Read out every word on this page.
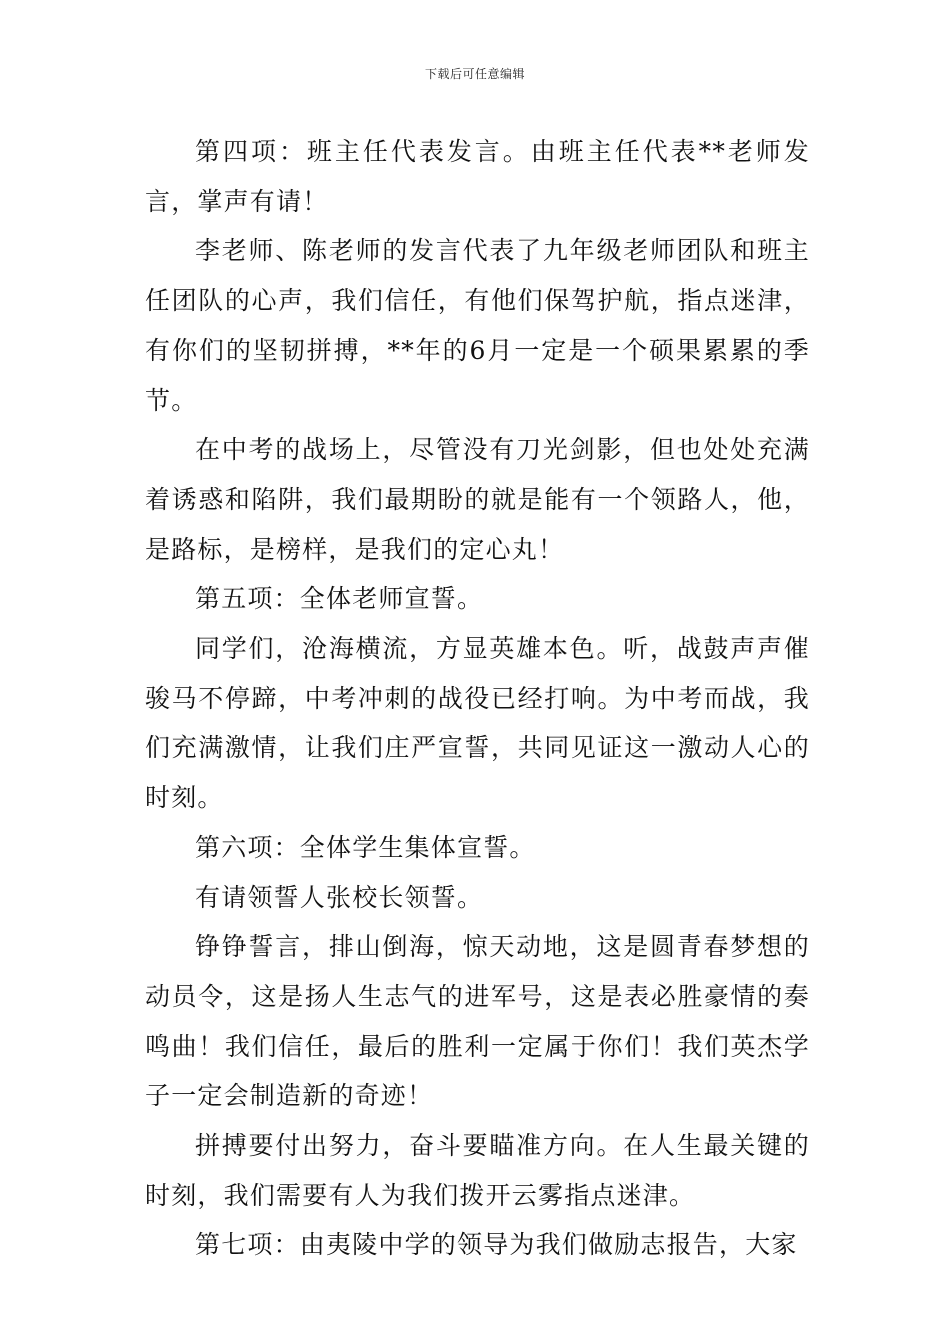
下载后可任意编辑

第四项：班主任代表发言。由班主任代表**老师发言，掌声有请！

李老师、陈老师的发言代表了九年级老师团队和班主任团队的心声，我们信任，有他们保驾护航，指点迷津，有你们的坚韧拼搏，**年的6月一定是一个硕果累累的季节。

在中考的战场上，尽管没有刀光剑影，但也处处充满着诱惑和陷阱，我们最期盼的就是能有一个领路人，他，是路标，是榜样，是我们的定心丸！

第五项：全体老师宣誓。

同学们，沧海横流，方显英雄本色。听，战鼓声声催骏马不停蹄，中考冲刺的战役已经打响。为中考而战，我们充满激情，让我们庄严宣誓，共同见证这一激动人心的时刻。

第六项：全体学生集体宣誓。

有请领誓人张校长领誓。

铮铮誓言，排山倒海，惊天动地，这是圆青春梦想的动员令，这是扬人生志气的进军号，这是表必胜豪情的奏鸣曲！我们信任，最后的胜利一定属于你们！我们英杰学子一定会制造新的奇迹！

拼搏要付出努力，奋斗要瞄准方向。在人生最关键的时刻，我们需要有人为我们拨开云雾指点迷津。

第七项：由夷陵中学的领导为我们做励志报告，大家
